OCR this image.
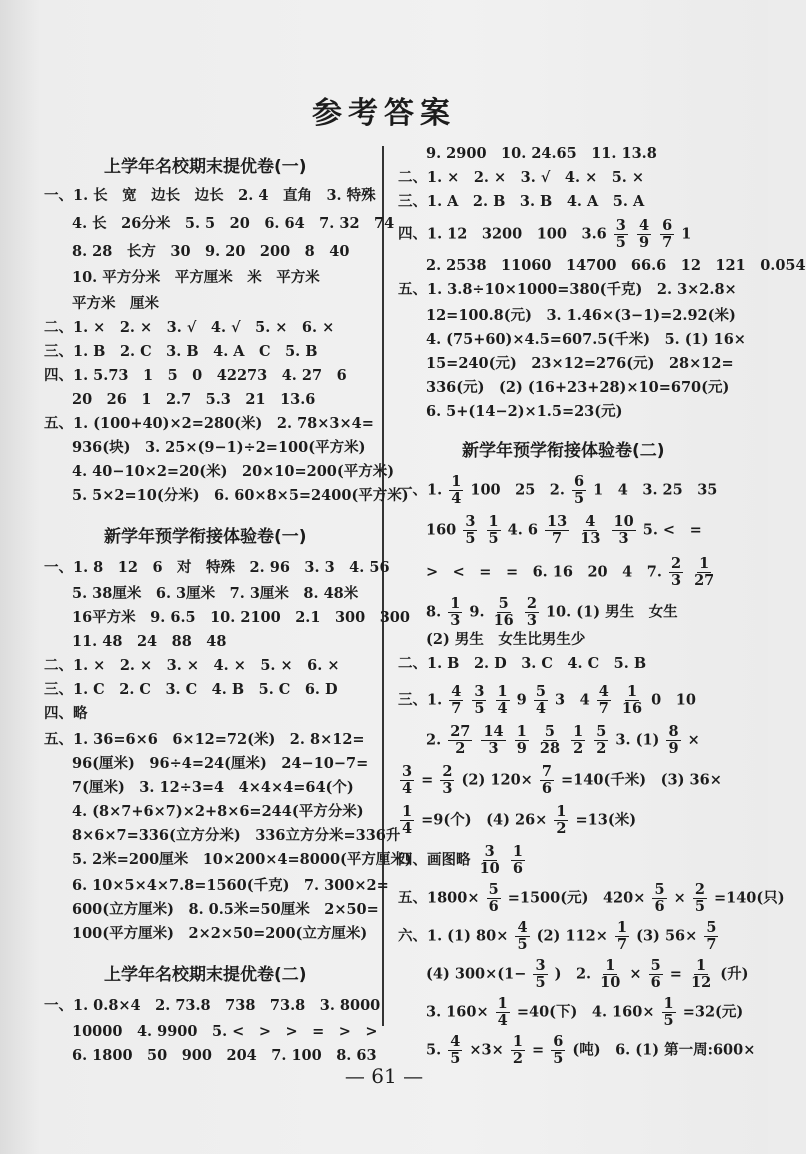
参考答案
上学年名校期末提优卷(一)
一、1. 长　宽　边长　边长　2. 4　直角　3. 特殊
4. 长　26分米　5. 5　20　6. 64　7. 32　74
8. 28　长方　30　9. 20　200　8　40
10. 平方分米　平方厘米　米　平方米
平方米　厘米
二、1. ×　2. ×　3. √　4. √　5. ×　6. ×
三、1. B　2. C　3. B　4. A　C　5. B
四、1. 5.73　1　5　0　42273　4. 27　6
20　26　1　2.7　5.3　21　13.6
五、1. (100+40)×2=280(米)　2. 78×3×4=
936(块)　3. 25×(9−1)÷2=100(平方米)
4. 40−10×2=20(米)　20×10=200(平方米)
5. 5×2=10(分米)　6. 60×8×5=2400(平方米)
新学年预学衔接体验卷(一)
一、1. 8　12　6　对　特殊　2. 96　3. 3　4. 56
5. 38厘米　6. 3厘米　7. 3厘米　8. 48米
16平方米　9. 6.5　10. 2100　2.1　300　300
11. 48　24　88　48
二、1. ×　2. ×　3. ×　4. ×　5. ×　6. ×
三、1. C　2. C　3. C　4. B　5. C　6. D
四、略
五、1. 36=6×6　6×12=72(米)　2. 8×12=
96(厘米)　96÷4=24(厘米)　24−10−7=
7(厘米)　3. 12÷3=4　4×4×4=64(个)
4. (8×7+6×7)×2+8×6=244(平方分米)
8×6×7=336(立方分米)　336立方分米=336升
5. 2米=200厘米　10×200×4=8000(平方厘米)
6. 10×5×4×7.8=1560(千克)　7. 300×2=
600(立方厘米)　8. 0.5米=50厘米　2×50=
100(平方厘米)　2×2×50=200(立方厘米)
上学年名校期末提优卷(二)
一、1. 0.8×4　2. 73.8　738　73.8　3. 8000
10000　4. 9900　5. <　>　>　=　>　>
6. 1800　50　900　204　7. 100　8. 63
9. 2900　10. 24.65　11. 13.8
二、1. ×　2. ×　3. √　4. ×　5. ×
三、1. A　2. B　3. B　4. A　5. A
四、1. 12　3200　100　$3.6 \frac{3}{5}$
$\frac{4}{9}$
$\frac{6}{7} 1$
2. 2538　11060　14700　66.6　12　121　0.054
五、1. 3.8÷10×1000=380(千克)　2. 3×2.8×
12=100.8(元)　3. 1.46×(3−1)=2.92(米)
4. (75+60)×4.5=607.5(千米)　5. (1) 16×
15=240(元)　23×12=276(元)　28×12=
336(元)　(2) (16+23+28)×10=670(元)
6. 5+(14−2)×1.5=23(元)
新学年预学衔接体验卷(二)
一、1. $\frac{1}{4} 100$　25　2. $\frac{6}{5} 1$　4　3. 25　35
$160 \frac{3}{5}$
$\frac{1}{5} 4$. $6 \frac{13}{7}$
$\frac{4}{13}$
$\frac{10}{3} 5$. <　=
>　<　=　=　6. 16　20　4　7. $\frac{2}{3}$
$\frac{1}{27}$
8. $\frac{1}{3} 9$. $\frac{5}{16}$
$\frac{2}{3} 10$. (1) 男生　女生
(2) 男生　女生比男生少
二、1. B　2. D　3. C　4. C　5. B
三、1. $\frac{4}{7}$
$\frac{3}{5}$
$\frac{1}{4} 9 \frac{5}{4} 3$　$4 \frac{4}{7}$
$\frac{1}{16} 0$　10
2. $\frac{27}{2}$
$\frac{14}{3}$
$\frac{1}{9}$
$\frac{5}{28}$
$\frac{1}{2}$
$\frac{5}{2} 3$. $(1) \frac{8}{9}$ ×
$\frac{3}{4} = \frac{2}{3} (2)$ $120\times \frac{7}{6} =140$(千米)　(3) 36×
$\frac{1}{4} =9$(个)　(4) $26\times \frac{1}{2} =13$(米)
四、画图略 $\frac{3}{10}$
$\frac{1}{6}$
五、$1800\times \frac{5}{6} =1500$(元)　$420\times \frac{5}{6} \times \frac{2}{5} =140$(只)
六、1. (1) $80\times \frac{4}{5} (2)$ $112\times \frac{1}{7} (3)$ $56\times \frac{5}{7}$
(4) $300\times(1- \frac{3}{5}$ )　2. $\frac{1}{10} \times \frac{5}{6} = \frac{1}{12}$ (升)
3. $160\times \frac{1}{4} =40$(下)　4. $160\times \frac{1}{5} =32$(元)
5. $\frac{4}{5} \times 3\times \frac{1}{2} = \frac{6}{5}$ (吨)　6. (1) 第一周:600×
— 61 —
